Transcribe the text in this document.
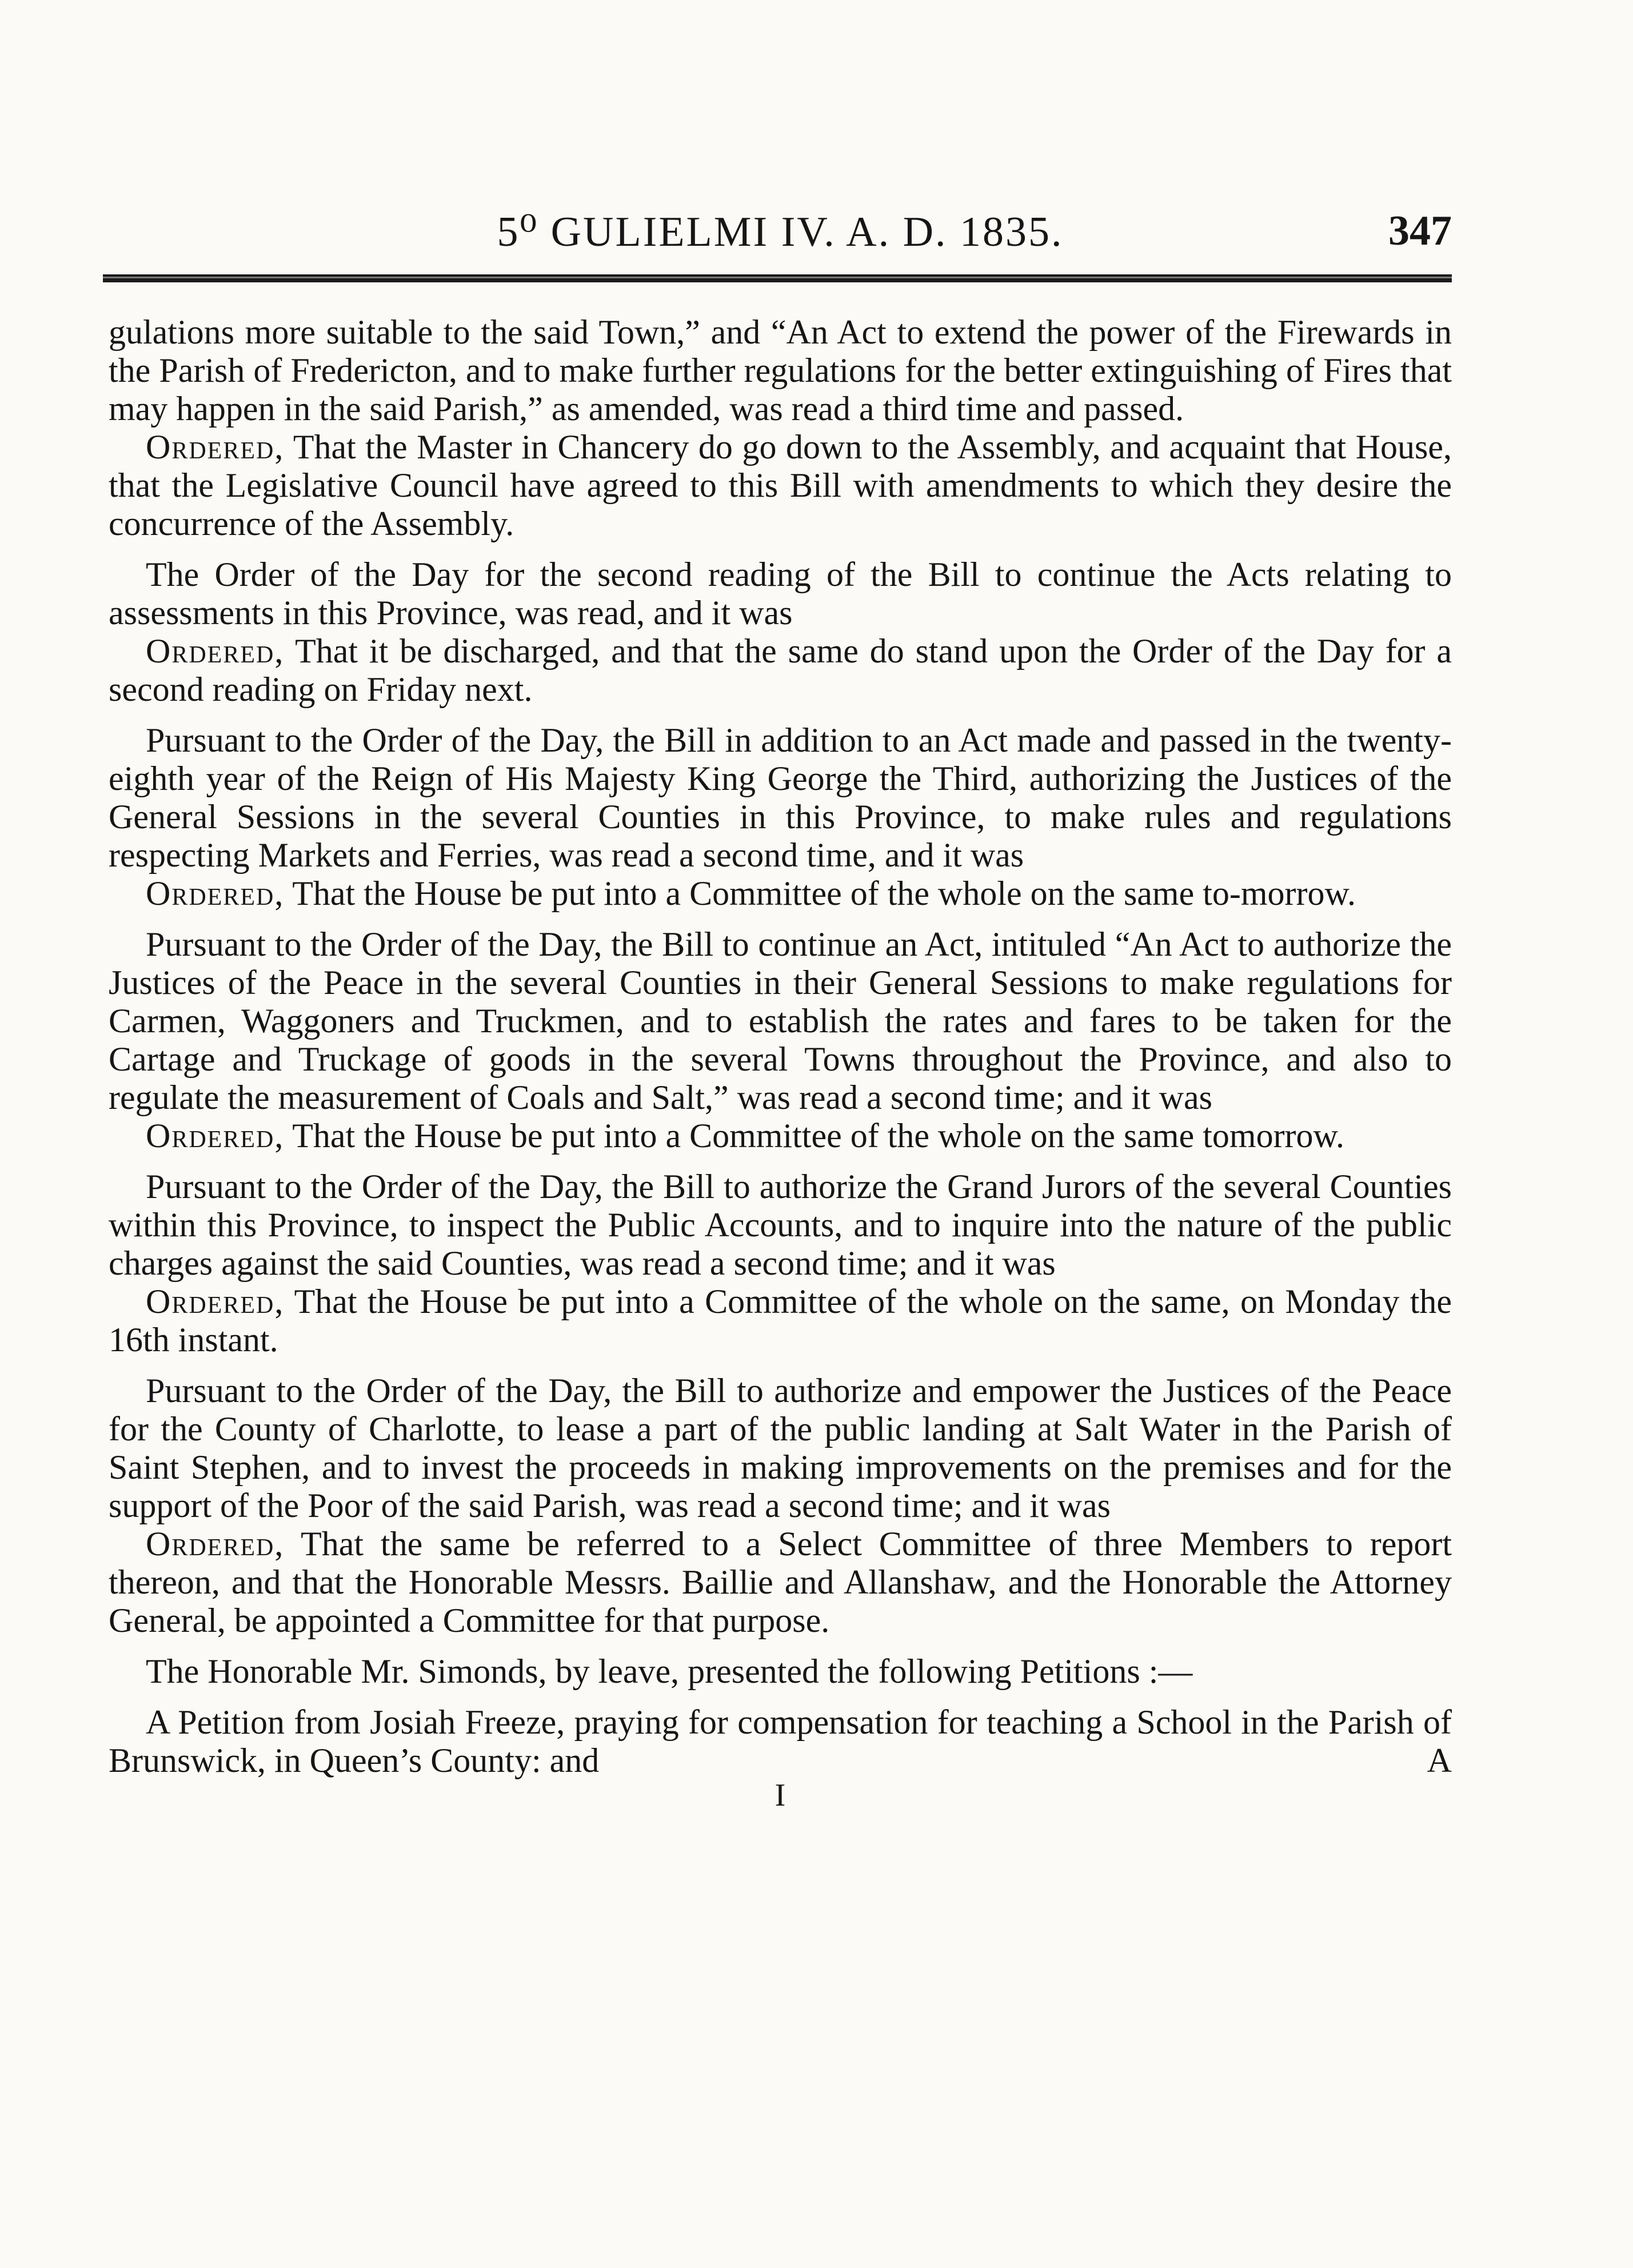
5⁰ GULIELMI IV. A. D. 1835.	347

gulations more suitable to the said Town,” and “An Act to extend the power of the Firewards in the Parish of Fredericton, and to make further regulations for the better extinguishing of Fires that may happen in the said Parish,” as amended, was read a third time and passed.

Ordered, That the Master in Chancery do go down to the Assembly, and acquaint that House, that the Legislative Council have agreed to this Bill with amendments to which they desire the concurrence of the Assembly.

The Order of the Day for the second reading of the Bill to continue the Acts relating to assessments in this Province, was read, and it was

Ordered, That it be discharged, and that the same do stand upon the Order of the Day for a second reading on Friday next.

Pursuant to the Order of the Day, the Bill in addition to an Act made and passed in the twenty-eighth year of the Reign of His Majesty King George the Third, authorizing the Justices of the General Sessions in the several Counties in this Province, to make rules and regulations respecting Markets and Ferries, was read a second time, and it was

Ordered, That the House be put into a Committee of the whole on the same to-morrow.

Pursuant to the Order of the Day, the Bill to continue an Act, intituled “An Act to authorize the Justices of the Peace in the several Counties in their General Sessions to make regulations for Carmen, Waggoners and Truckmen, and to establish the rates and fares to be taken for the Cartage and Truckage of goods in the several Towns throughout the Province, and also to regulate the measurement of Coals and Salt,” was read a second time; and it was

Ordered, That the House be put into a Committee of the whole on the same tomorrow.

Pursuant to the Order of the Day, the Bill to authorize the Grand Jurors of the several Counties within this Province, to inspect the Public Accounts, and to inquire into the nature of the public charges against the said Counties, was read a second time; and it was

Ordered, That the House be put into a Committee of the whole on the same, on Monday the 16th instant.

Pursuant to the Order of the Day, the Bill to authorize and empower the Justices of the Peace for the County of Charlotte, to lease a part of the public landing at Salt Water in the Parish of Saint Stephen, and to invest the proceeds in making improvements on the premises and for the support of the Poor of the said Parish, was read a second time; and it was

Ordered, That the same be referred to a Select Committee of three Members to report thereon, and that the Honorable Messrs. Baillie and Allanshaw, and the Honorable the Attorney General, be appointed a Committee for that purpose.

The Honorable Mr. Simonds, by leave, presented the following Petitions :—

A Petition from Josiah Freeze, praying for compensation for teaching a School in the Parish of Brunswick, in Queen’s County: and	A

I
